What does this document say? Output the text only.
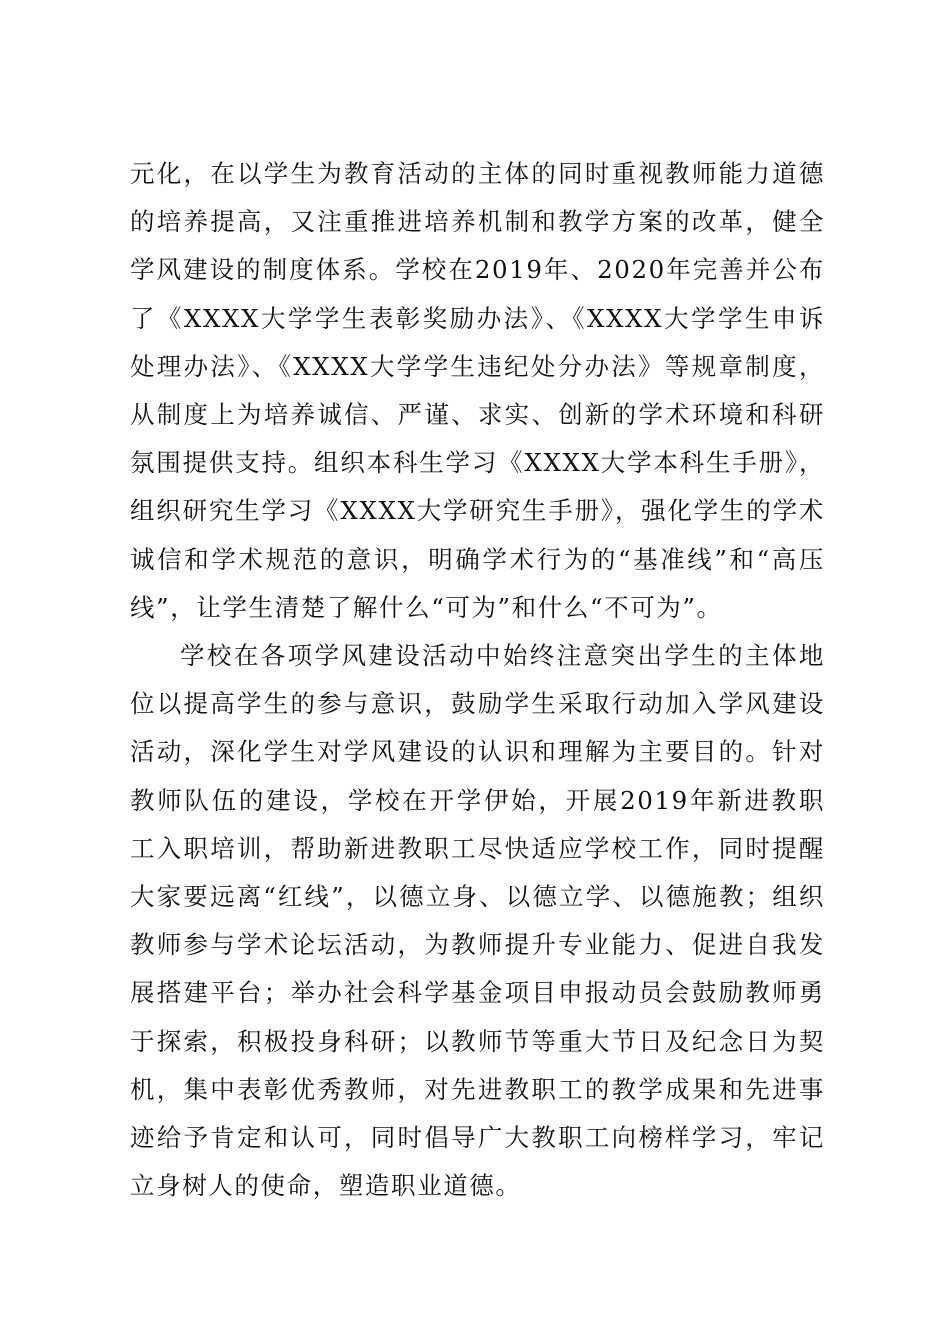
元化，在以学生为教育活动的主体的同时重视教师能力道德的培养提高，又注重推进培养机制和教学方案的改革，健全学风建设的制度体系。学校在2019年、2020年完善并公布了《XXXX大学学生表彰奖励办法》、《XXXX大学学生申诉处理办法》、《XXXX大学学生违纪处分办法》等规章制度，从制度上为培养诚信、严谨、求实、创新的学术环境和科研氛围提供支持。组织本科生学习《XXXX大学本科生手册》，组织研究生学习《XXXX大学研究生手册》，强化学生的学术诚信和学术规范的意识，明确学术行为的“基准线”和“高压线”，让学生清楚了解什么“可为”和什么“不可为”。

学校在各项学风建设活动中始终注意突出学生的主体地位以提高学生的参与意识，鼓励学生采取行动加入学风建设活动，深化学生对学风建设的认识和理解为主要目的。针对教师队伍的建设，学校在开学伊始，开展2019年新进教职工入职培训，帮助新进教职工尽快适应学校工作，同时提醒大家要远离“红线”，以德立身、以德立学、以德施教；组织教师参与学术论坛活动，为教师提升专业能力、促进自我发展搭建平台；举办社会科学基金项目申报动员会鼓励教师勇于探索，积极投身科研；以教师节等重大节日及纪念日为契机，集中表彰优秀教师，对先进教职工的教学成果和先进事迹给予肯定和认可，同时倡导广大教职工向榜样学习，牢记立身树人的使命，塑造职业道德。
